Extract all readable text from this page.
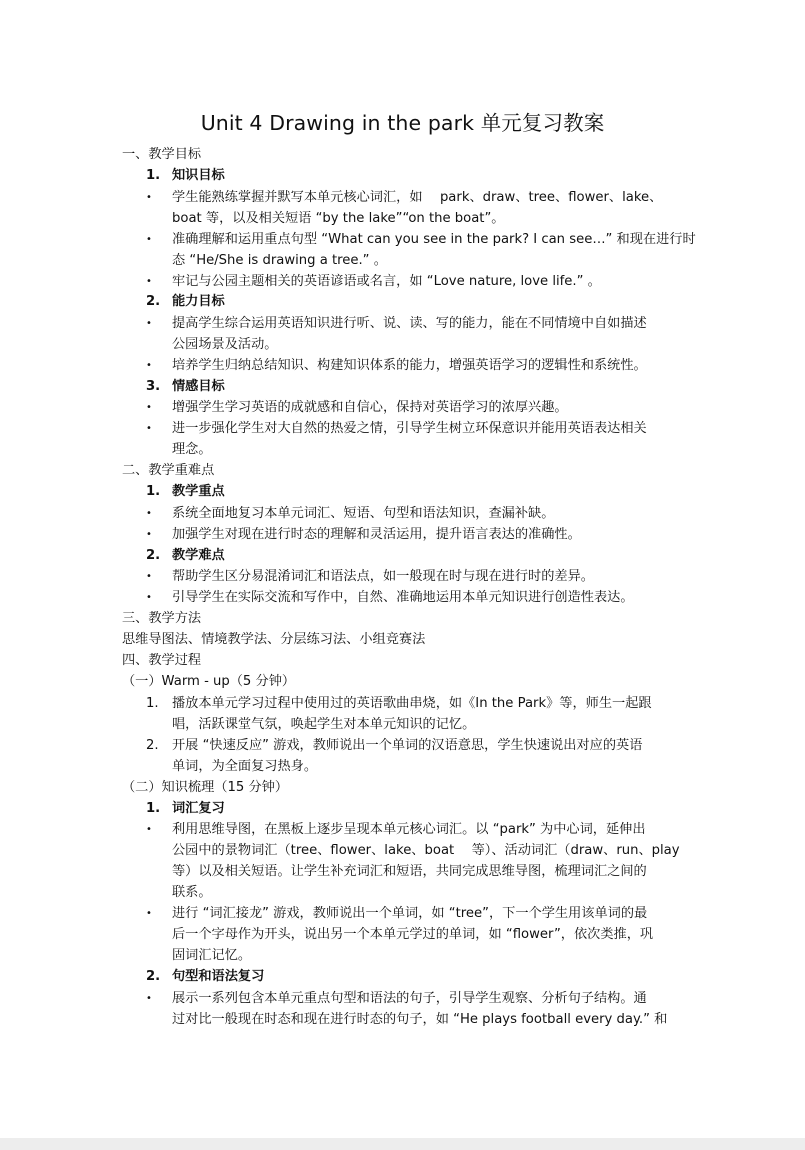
Unit 4 Drawing in the park 单元复习教案
一、教学目标
1. 知识目标
• 学生能熟练掌握并默写本单元核心词汇，如　 park、draw、tree、flower、lake、
boat 等，以及相关短语 “by the lake”“on the boat”。
• 准确理解和运用重点句型 “What can you see in the park? I can see…” 和现在进行时
态 “He/She is drawing a tree.” 。
• 牢记与公园主题相关的英语谚语或名言，如 “Love nature, love life.” 。
2. 能力目标
• 提高学生综合运用英语知识进行听、说、读、写的能力，能在不同情境中自如描述
公园场景及活动。
• 培养学生归纳总结知识、构建知识体系的能力，增强英语学习的逻辑性和系统性。
3. 情感目标
• 增强学生学习英语的成就感和自信心，保持对英语学习的浓厚兴趣。
• 进一步强化学生对大自然的热爱之情，引导学生树立环保意识并能用英语表达相关
理念。
二、教学重难点
1. 教学重点
• 系统全面地复习本单元词汇、短语、句型和语法知识，查漏补缺。
• 加强学生对现在进行时态的理解和灵活运用，提升语言表达的准确性。
2. 教学难点
• 帮助学生区分易混淆词汇和语法点，如一般现在时与现在进行时的差异。
• 引导学生在实际交流和写作中，自然、准确地运用本单元知识进行创造性表达。
三、教学方法
思维导图法、情境教学法、分层练习法、小组竞赛法
四、教学过程
（一）Warm - up（5 分钟）
1. 播放本单元学习过程中使用过的英语歌曲串烧，如《In the Park》等，师生一起跟
唱，活跃课堂气氛，唤起学生对本单元知识的记忆。
2. 开展 “快速反应” 游戏，教师说出一个单词的汉语意思，学生快速说出对应的英语
单词，为全面复习热身。
（二）知识梳理（15 分钟）
1. 词汇复习
• 利用思维导图，在黑板上逐步呈现本单元核心词汇。以 “park” 为中心词，延伸出
公园中的景物词汇（tree、flower、lake、boat　 等）、活动词汇（draw、run、play
等）以及相关短语。让学生补充词汇和短语，共同完成思维导图，梳理词汇之间的
联系。
• 进行 “词汇接龙” 游戏，教师说出一个单词，如 “tree”，下一个学生用该单词的最
后一个字母作为开头，说出另一个本单元学过的单词，如 “flower”，依次类推，巩
固词汇记忆。
2. 句型和语法复习
• 展示一系列包含本单元重点句型和语法的句子，引导学生观察、分析句子结构。通
过对比一般现在时态和现在进行时态的句子，如 “He plays football every day.” 和
